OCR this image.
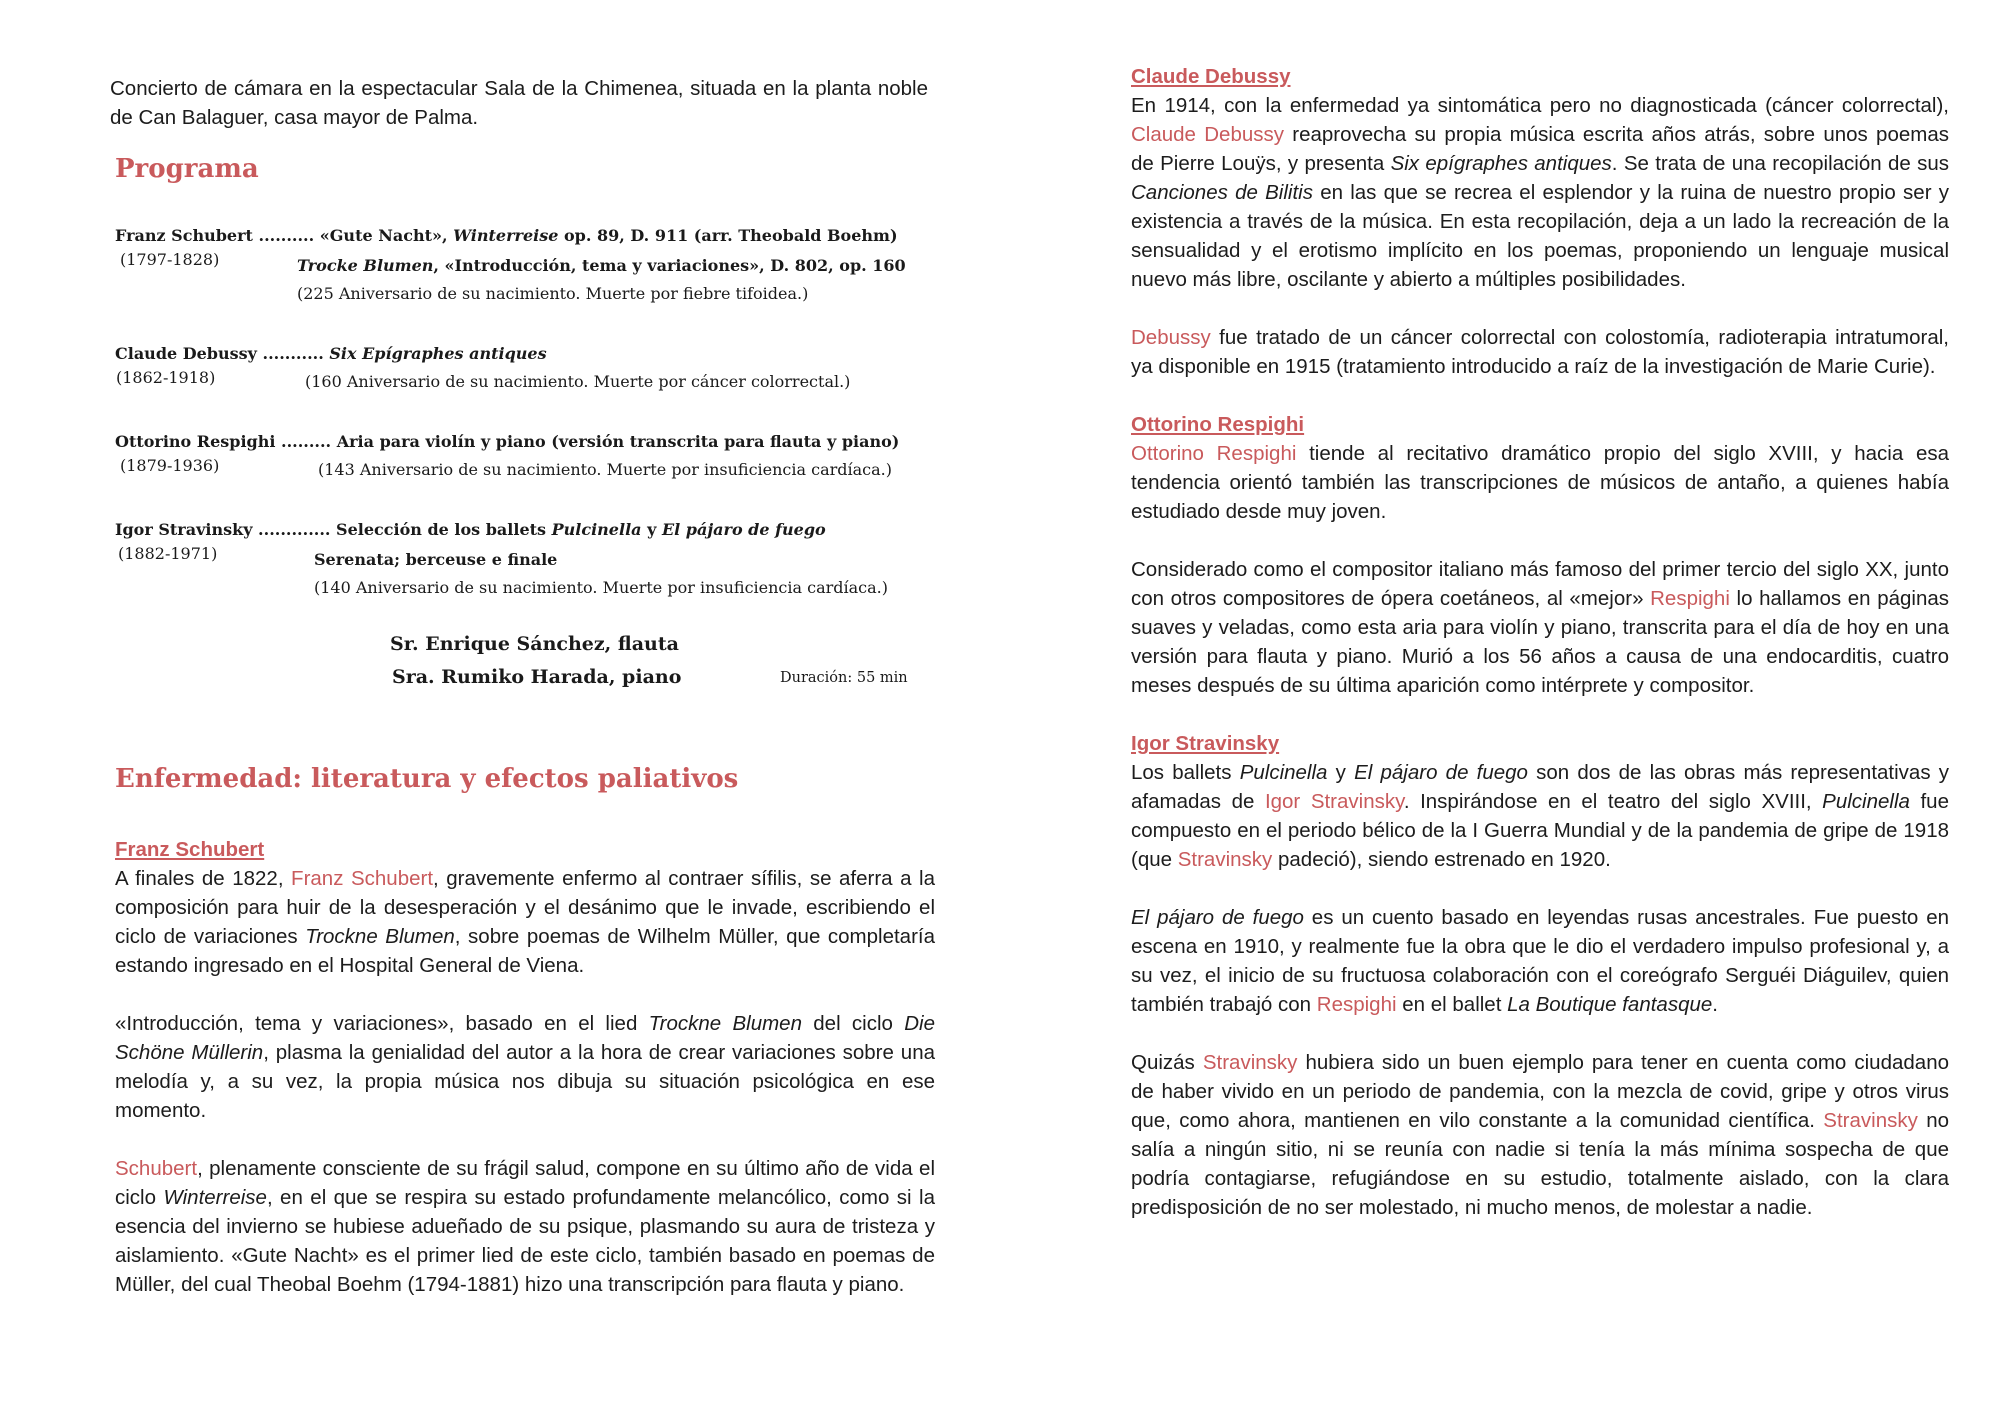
Concierto de cámara en la espectacular Sala de la Chimenea, situada en la planta noble de Can Balaguer, casa mayor de Palma.

Programa
Franz Schubert .......... «Gute Nacht», Winterreise op. 89, D. 911 (arr. Theobald Boehm)
(1797-1828)	Trocke Blumen, «Introducción, tema y variaciones», D. 802, op. 160
(225 Aniversario de su nacimiento. Muerte por fiebre tifoidea.)
Claude Debussy ........... Six Epígraphes antiques
(1862-1918)	(160 Aniversario de su nacimiento. Muerte por cáncer colorrectal.)
Ottorino Respighi ......... Aria para violín y piano (versión transcrita para flauta y piano)
(1879-1936)	(143 Aniversario de su nacimiento. Muerte por insuficiencia cardíaca.)
Igor Stravinsky ............. Selección de los ballets Pulcinella y El pájaro de fuego
(1882-1971)	Serenata; berceuse e finale
(140 Aniversario de su nacimiento. Muerte por insuficiencia cardíaca.)
Sr. Enrique Sánchez, flauta
Sra. Rumiko Harada, piano	Duración: 55 min
Enfermedad: literatura y efectos paliativos
Franz Schubert

A finales de 1822, Franz Schubert, gravemente enfermo al contraer sífilis, se aferra a la composición para huir de la desesperación y el desánimo que le invade, escribiendo el ciclo de variaciones Trockne Blumen, sobre poemas de Wilhelm Müller, que completaría estando ingresado en el Hospital General de Viena.

«Introducción, tema y variaciones», basado en el lied Trockne Blumen del ciclo Die Schöne Müllerin, plasma la genialidad del autor a la hora de crear variaciones sobre una melodía y, a su vez, la propia música nos dibuja su situación psicológica en ese momento.

Schubert, plenamente consciente de su frágil salud, compone en su último año de vida el ciclo Winterreise, en el que se respira su estado profundamente melancólico, como si la esencia del invierno se hubiese adueñado de su psique, plasmando su aura de tristeza y aislamiento. «Gute Nacht» es el primer lied de este ciclo, también basado en poemas de Müller, del cual Theobal Boehm (1794-1881) hizo una transcripción para flauta y piano.

Claude Debussy

En 1914, con la enfermedad ya sintomática pero no diagnosticada (cáncer colorrectal), Claude Debussy reaprovecha su propia música escrita años atrás, sobre unos poemas de Pierre Louÿs, y presenta Six epígraphes antiques. Se trata de una recopilación de sus Canciones de Bilitis en las que se recrea el esplendor y la ruina de nuestro propio ser y existencia a través de la música. En esta recopilación, deja a un lado la recreación de la sensualidad y el erotismo implícito en los poemas, proponiendo un lenguaje musical nuevo más libre, oscilante y abierto a múltiples posibilidades.

Debussy fue tratado de un cáncer colorrectal con colostomía, radioterapia intratumoral, ya disponible en 1915 (tratamiento introducido a raíz de la investigación de Marie Curie).

Ottorino Respighi

Ottorino Respighi tiende al recitativo dramático propio del siglo XVIII, y hacia esa tendencia orientó también las transcripciones de músicos de antaño, a quienes había estudiado desde muy joven.

Considerado como el compositor italiano más famoso del primer tercio del siglo XX, junto con otros compositores de ópera coetáneos, al «mejor» Respighi lo hallamos en páginas suaves y veladas, como esta aria para violín y piano, transcrita para el día de hoy en una versión para flauta y piano. Murió a los 56 años a causa de una endocarditis, cuatro meses después de su última aparición como intérprete y compositor.

Igor Stravinsky

Los ballets Pulcinella y El pájaro de fuego son dos de las obras más representativas y afamadas de Igor Stravinsky. Inspirándose en el teatro del siglo XVIII, Pulcinella fue compuesto en el periodo bélico de la I Guerra Mundial y de la pandemia de gripe de 1918 (que Stravinsky padeció), siendo estrenado en 1920.

El pájaro de fuego es un cuento basado en leyendas rusas ancestrales. Fue puesto en escena en 1910, y realmente fue la obra que le dio el verdadero impulso profesional y, a su vez, el inicio de su fructuosa colaboración con el coreógrafo Serguéi Diáguilev, quien también trabajó con Respighi en el ballet La Boutique fantasque.

Quizás Stravinsky hubiera sido un buen ejemplo para tener en cuenta como ciudadano de haber vivido en un periodo de pandemia, con la mezcla de covid, gripe y otros virus que, como ahora, mantienen en vilo constante a la comunidad científica. Stravinsky no salía a ningún sitio, ni se reunía con nadie si tenía la más mínima sospecha de que podría contagiarse, refugiándose en su estudio, totalmente aislado, con la clara predisposición de no ser molestado, ni mucho menos, de molestar a nadie.
